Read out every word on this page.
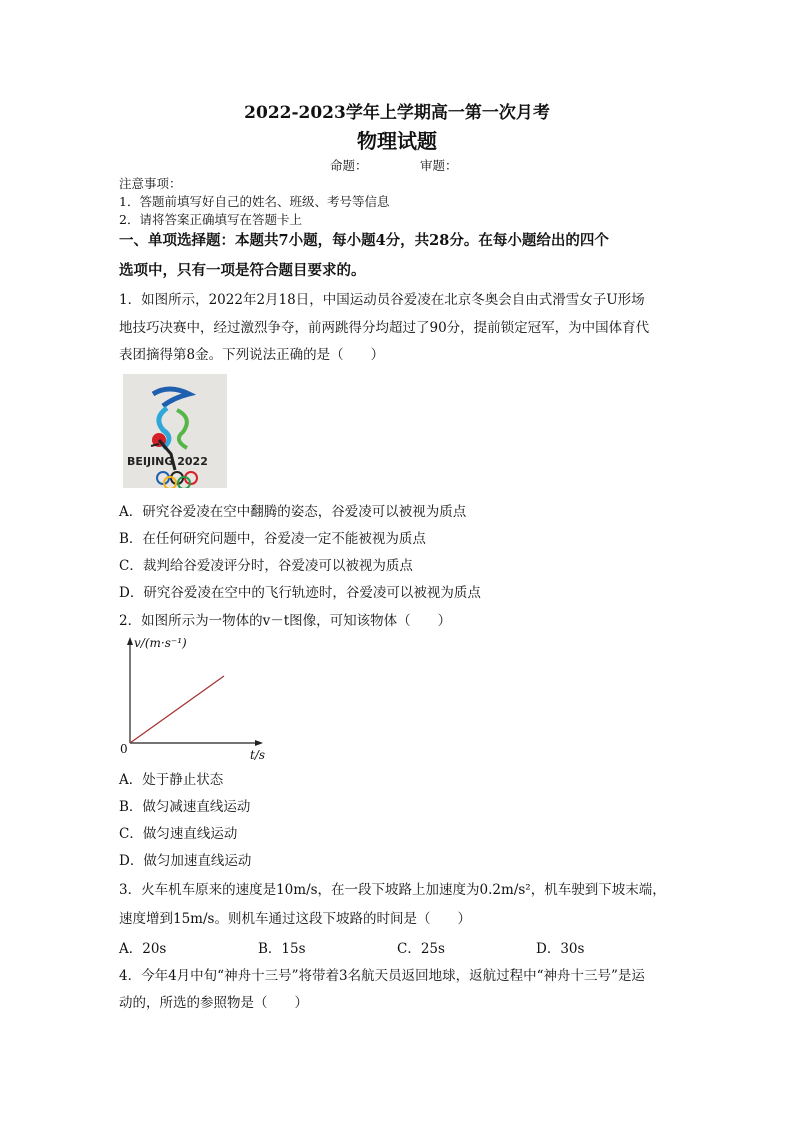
2022-2023学年上学期高一第一次月考
物理试题
命题：	审题：
注意事项：
1．答题前填写好自己的姓名、班级、考号等信息
2．请将答案正确填写在答题卡上
一、单项选择题：本题共7小题，每小题4分，共28分。在每小题给出的四个
选项中，只有一项是符合题目要求的。
1．如图所示，2022年2月18日，中国运动员谷爱凌在北京冬奥会自由式滑雪女子U形场
地技巧决赛中，经过激烈争夺，前两跳得分均超过了90分，提前锁定冠军，为中国体育代
表团摘得第8金。下列说法正确的是（　　）
BEIJING 2022
A．研究谷爱凌在空中翻腾的姿态，谷爱凌可以被视为质点
B．在任何研究问题中，谷爱凌一定不能被视为质点
C．裁判给谷爱凌评分时，谷爱凌可以被视为质点
D．研究谷爱凌在空中的飞行轨迹时，谷爱凌可以被视为质点
2．如图所示为一物体的v－t图像，可知该物体（　　）
v/(m·s⁻¹)
t/s
0
A．处于静止状态
B．做匀减速直线运动
C．做匀速直线运动
D．做匀加速直线运动
3．火车机车原来的速度是10m/s，在一段下坡路上加速度为0.2m/s²，机车驶到下坡末端，
速度增到15m/s。则机车通过这段下坡路的时间是（　　）
A．20s	B．15s	C．25s	D．30s
4．今年4月中旬“神舟十三号”将带着3名航天员返回地球，返航过程中“神舟十三号”是运
动的，所选的参照物是（　　）
